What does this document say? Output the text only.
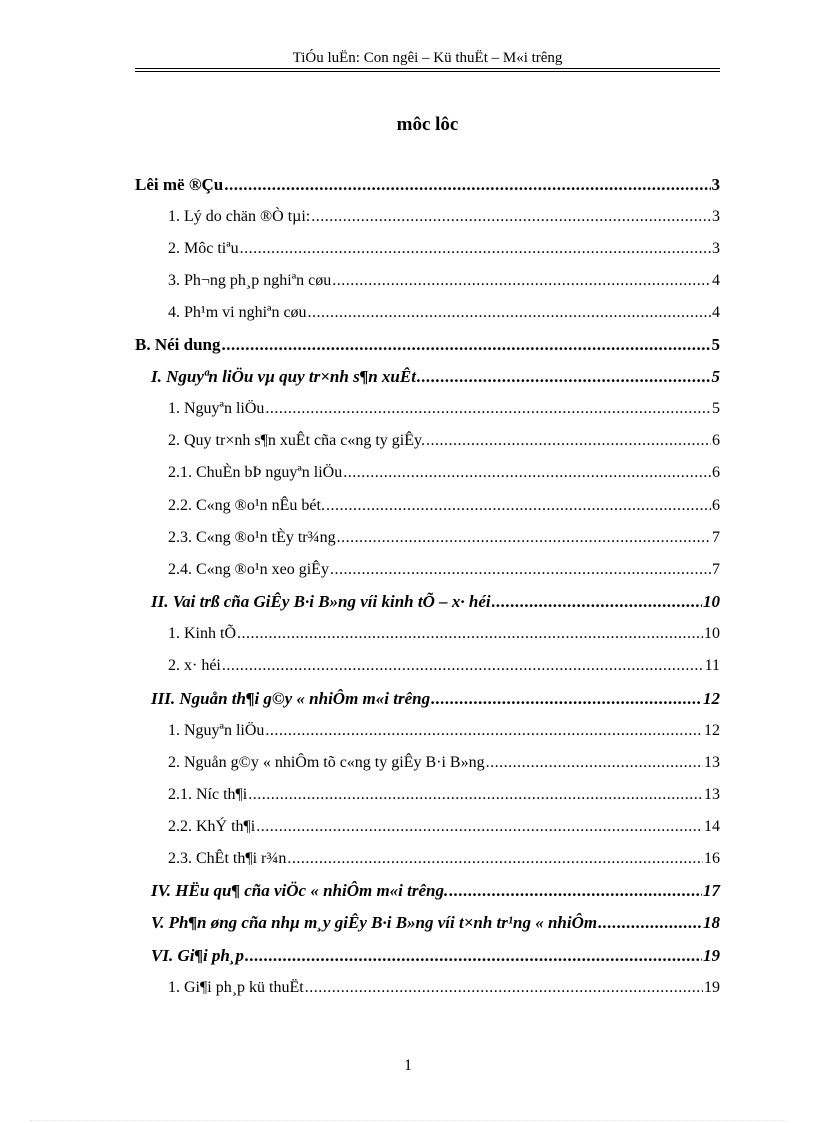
TiÓu luËn: Con ngêi – Kü thuËt – M«i trêng
môc lôc
Lêi më ®Çu .....	3
1. Lý do chän ®Ò tµi: .....	3
2. Môc tiªu .....	3
3. Ph¬ng ph¸p nghiªn cøu .....	4
4. Ph¹m vi nghiªn cøu .....	4
B. Néi dung .....	5
I. Nguyªn liÖu vµ quy tr×nh s¶n xuÊt .....	5
1. Nguyªn liÖu .....	5
2. Quy tr×nh s¶n xuÊt cña c«ng ty giÊy. .....	6
2.1. ChuÈn bÞ nguyªn liÖu .....	6
2.2. C«ng ®o¹n nÊu bét. .....	6
2.3. C«ng ®o¹n tÈy tr¾ng .....	7
2.4. C«ng ®o¹n xeo giÊy .....	7
II. Vai trß cña GiÊy B·i B»ng víi kinh tÕ – x· héi .....	10
1. Kinh tÕ .....	10
2. x· héi .....	11
III. Nguån th¶i g©y « nhiÔm m«i trêng .....	12
1. Nguyªn liÖu .....	12
2. Nguån g©y « nhiÔm tõ c«ng ty giÊy B·i B»ng .....	13
2.1. Níc th¶i .....	13
2.2. KhÝ th¶i .....	14
2.3. ChÊt th¶i r¾n .....	16
IV. HËu qu¶ cña viÖc « nhiÔm m«i trêng. .....	17
V. Ph¶n øng cña nhµ m¸y giÊy B·i B»ng víi t×nh tr¹ng « nhiÔm .....	18
VI. Gi¶i ph¸p .....	19
1. Gi¶i ph¸p kü thuËt .....	19
1
